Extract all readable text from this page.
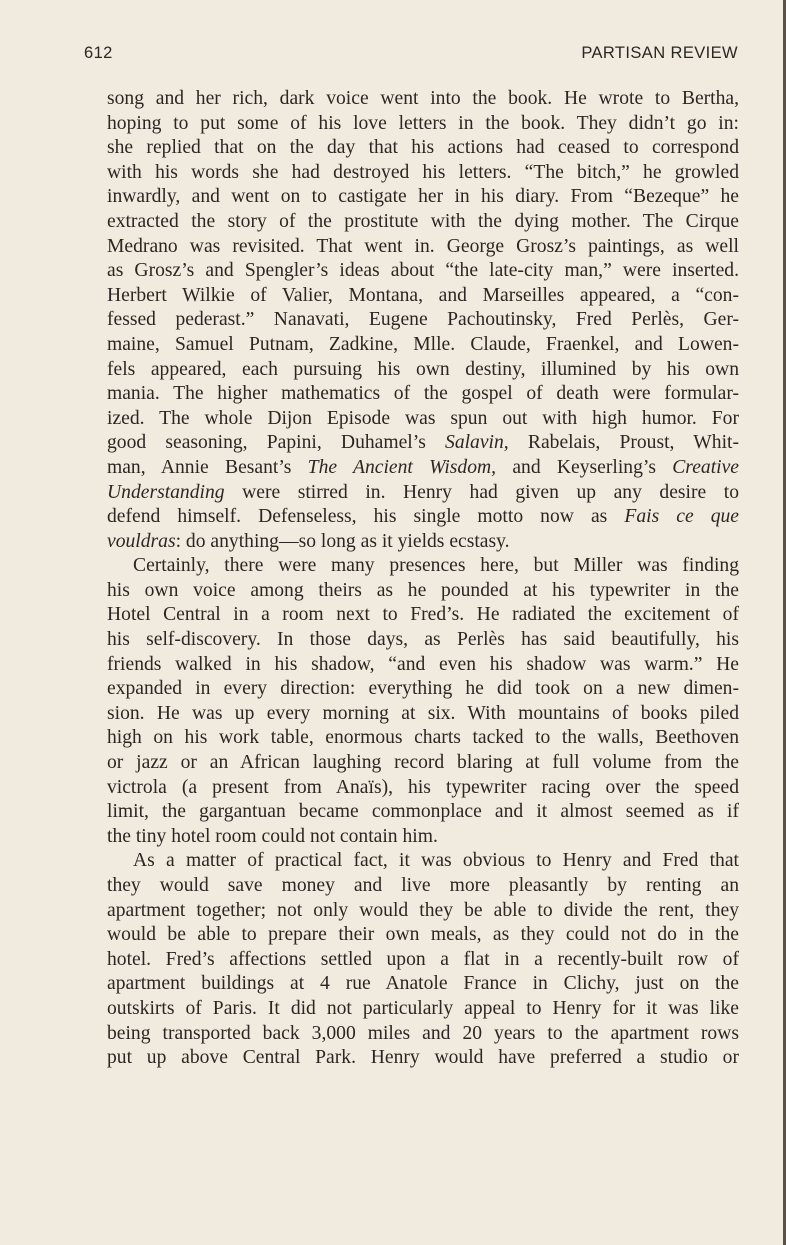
612	PARTISAN REVIEW
song and her rich, dark voice went into the book. He wrote to Bertha,
hoping to put some of his love letters in the book. They didn’t go in:
she replied that on the day that his actions had ceased to correspond
with his words she had destroyed his letters. “The bitch,” he growled
inwardly, and went on to castigate her in his diary. From “Bezeque” he
extracted the story of the prostitute with the dying mother. The Cirque
Medrano was revisited. That went in. George Grosz’s paintings, as well
as Grosz’s and Spengler’s ideas about “the late-city man,” were inserted.
Herbert Wilkie of Valier, Montana, and Marseilles appeared, a “con-
fessed pederast.” Nanavati, Eugene Pachoutinsky, Fred Perlès, Ger-
maine, Samuel Putnam, Zadkine, Mlle. Claude, Fraenkel, and Lowen-
fels appeared, each pursuing his own destiny, illumined by his own
mania. The higher mathematics of the gospel of death were formular-
ized. The whole Dijon Episode was spun out with high humor. For
good seasoning, Papini, Duhamel’s Salavin, Rabelais, Proust, Whit-
man, Annie Besant’s The Ancient Wisdom, and Keyserling’s Creative
Understanding were stirred in. Henry had given up any desire to
defend himself. Defenseless, his single motto now as Fais ce que
vouldras: do anything—so long as it yields ecstasy.
Certainly, there were many presences here, but Miller was finding
his own voice among theirs as he pounded at his typewriter in the
Hotel Central in a room next to Fred’s. He radiated the excitement of
his self-discovery. In those days, as Perlès has said beautifully, his
friends walked in his shadow, “and even his shadow was warm.” He
expanded in every direction: everything he did took on a new dimen-
sion. He was up every morning at six. With mountains of books piled
high on his work table, enormous charts tacked to the walls, Beethoven
or jazz or an African laughing record blaring at full volume from the
victrola (a present from Anaïs), his typewriter racing over the speed
limit, the gargantuan became commonplace and it almost seemed as if
the tiny hotel room could not contain him.
As a matter of practical fact, it was obvious to Henry and Fred that
they would save money and live more pleasantly by renting an
apartment together; not only would they be able to divide the rent, they
would be able to prepare their own meals, as they could not do in the
hotel. Fred’s affections settled upon a flat in a recently-built row of
apartment buildings at 4 rue Anatole France in Clichy, just on the
outskirts of Paris. It did not particularly appeal to Henry for it was like
being transported back 3,000 miles and 20 years to the apartment rows
put up above Central Park. Henry would have preferred a studio or
